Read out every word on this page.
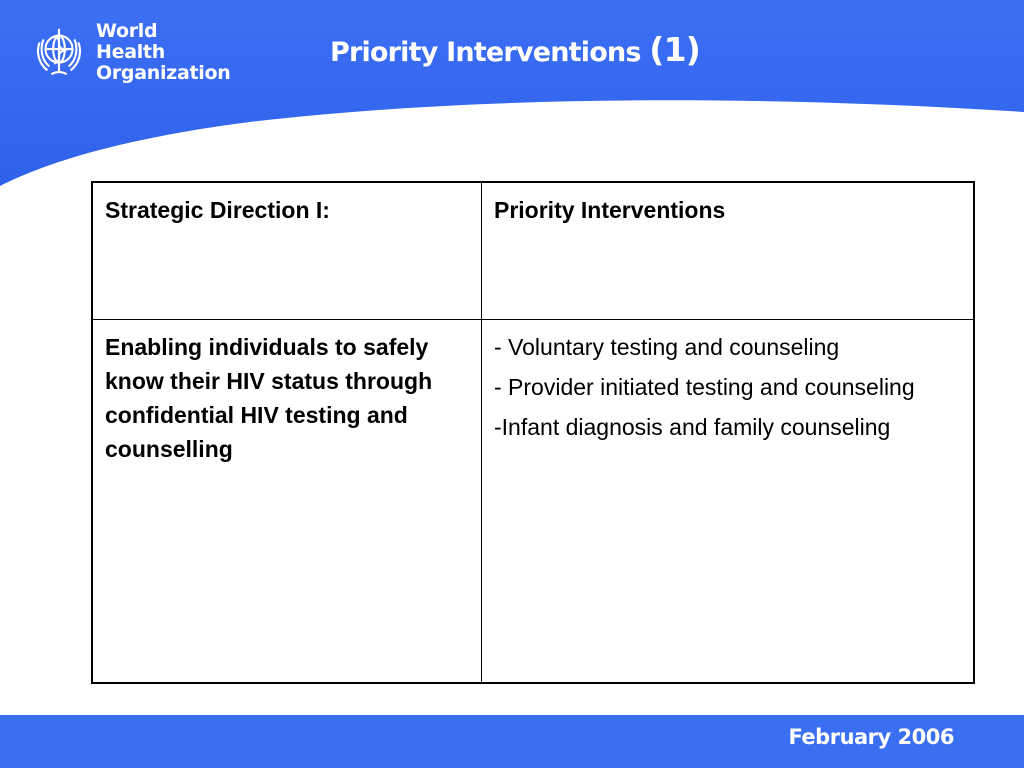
World Health
Organization
Priority Interventions (1)
Strategic Direction I:	Priority Interventions

Enabling individuals to safely know their HIV status through confidential HIV testing and counselling	- Voluntary testing and counseling
- Provider initiated testing and counseling
-Infant diagnosis and family counseling
February 2006
